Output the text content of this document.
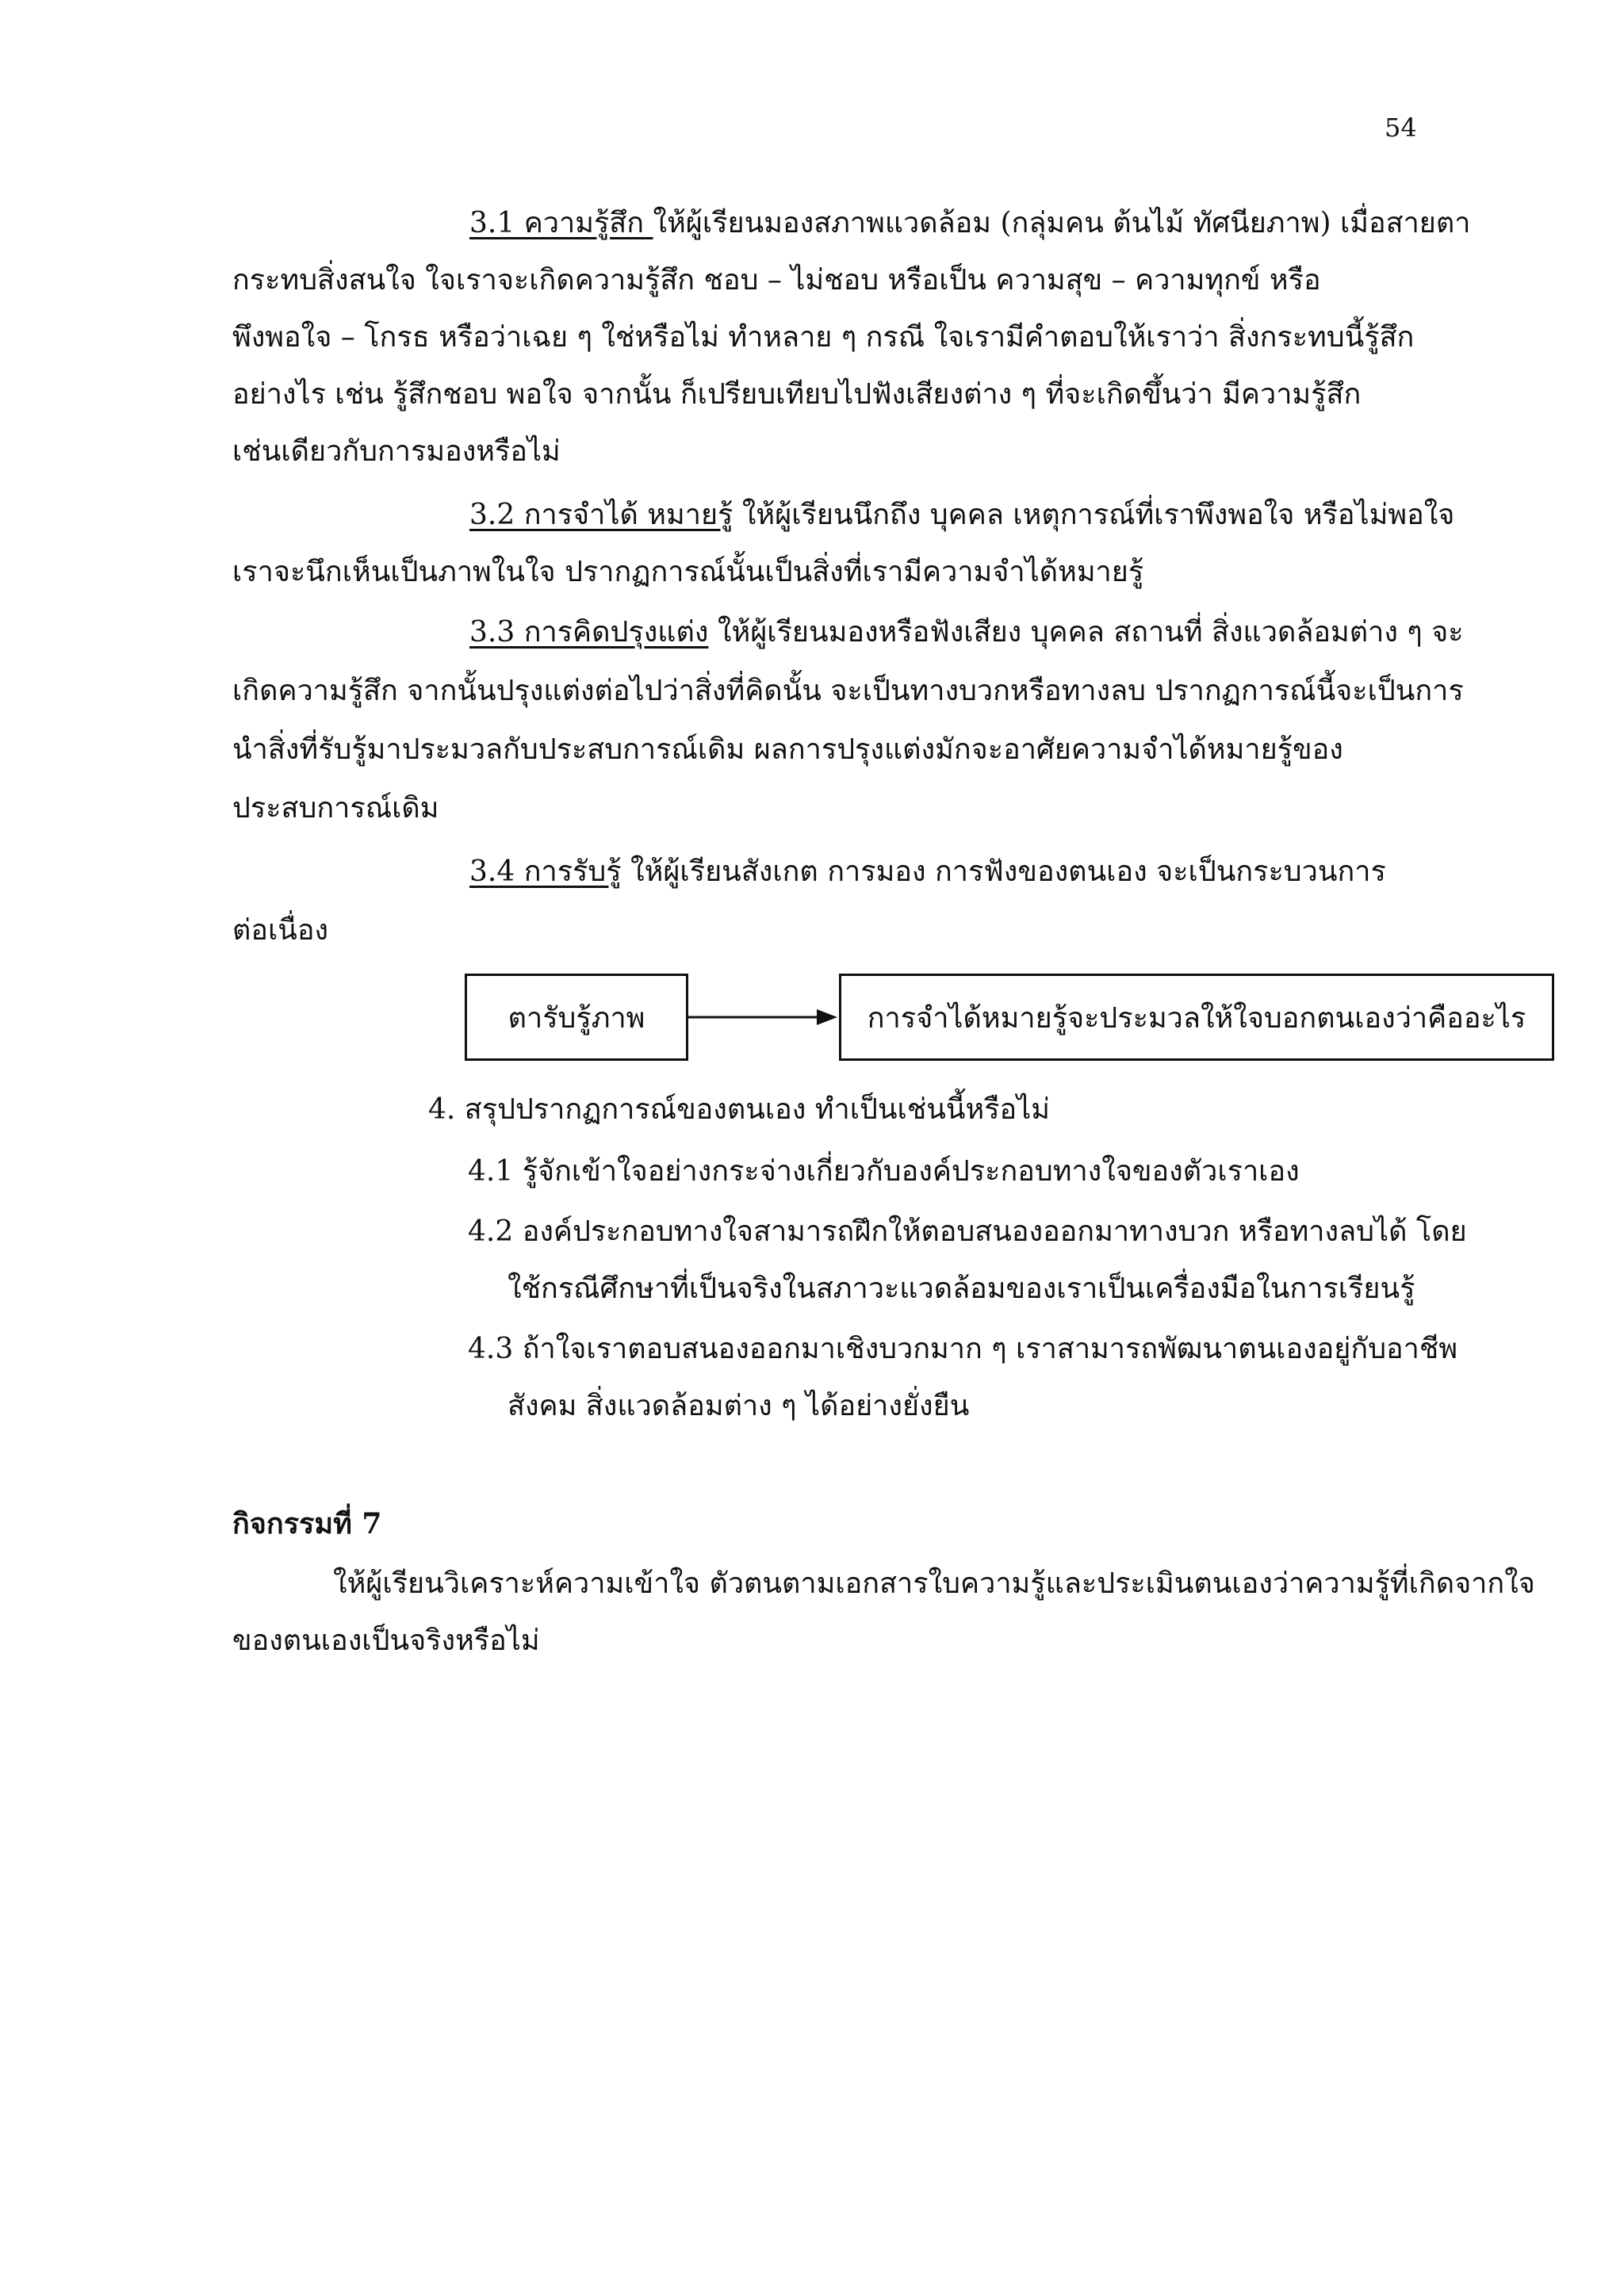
54
3.1 ความรู้สึก ให้ผู้เรียนมองสภาพแวดล้อม (กลุ่มคน ต้นไม้ ทัศนียภาพ) เมื่อสายตา
กระทบสิ่งสนใจ ใจเราจะเกิดความรู้สึก ชอบ – ไม่ชอบ หรือเป็น ความสุข – ความทุกข์ หรือ
พึงพอใจ – โกรธ หรือว่าเฉย ๆ ใช่หรือไม่ ทำหลาย ๆ กรณี ใจเรามีคำตอบให้เราว่า สิ่งกระทบนี้รู้สึก
อย่างไร เช่น รู้สึกชอบ พอใจ จากนั้น ก็เปรียบเทียบไปฟังเสียงต่าง ๆ ที่จะเกิดขึ้นว่า มีความรู้สึก
เช่นเดียวกับการมองหรือไม่
3.2 การจำได้ หมายรู้ ให้ผู้เรียนนึกถึง บุคคล เหตุการณ์ที่เราพึงพอใจ หรือไม่พอใจ
เราจะนึกเห็นเป็นภาพในใจ ปรากฏการณ์นั้นเป็นสิ่งที่เรามีความจำได้หมายรู้
3.3 การคิดปรุงแต่ง ให้ผู้เรียนมองหรือฟังเสียง บุคคล สถานที่ สิ่งแวดล้อมต่าง ๆ จะ
เกิดความรู้สึก จากนั้นปรุงแต่งต่อไปว่าสิ่งที่คิดนั้น จะเป็นทางบวกหรือทางลบ ปรากฏการณ์นี้จะเป็นการ
นำสิ่งที่รับรู้มาประมวลกับประสบการณ์เดิม ผลการปรุงแต่งมักจะอาศัยความจำได้หมายรู้ของ
ประสบการณ์เดิม
3.4 การรับรู้ ให้ผู้เรียนสังเกต การมอง การฟังของตนเอง จะเป็นกระบวนการ
ต่อเนื่อง
ตารับรู้ภาพ	การจำได้หมายรู้จะประมวลให้ใจบอกตนเองว่าคืออะไร
4. สรุปปรากฏการณ์ของตนเอง ทำเป็นเช่นนี้หรือไม่
4.1 รู้จักเข้าใจอย่างกระจ่างเกี่ยวกับองค์ประกอบทางใจของตัวเราเอง
4.2 องค์ประกอบทางใจสามารถฝึกให้ตอบสนองออกมาทางบวก หรือทางลบได้ โดย
ใช้กรณีศึกษาที่เป็นจริงในสภาวะแวดล้อมของเราเป็นเครื่องมือในการเรียนรู้
4.3 ถ้าใจเราตอบสนองออกมาเชิงบวกมาก ๆ เราสามารถพัฒนาตนเองอยู่กับอาชีพ
สังคม สิ่งแวดล้อมต่าง ๆ ได้อย่างยั่งยืน
กิจกรรมที่ 7
ให้ผู้เรียนวิเคราะห์ความเข้าใจ ตัวตนตามเอกสารใบความรู้และประเมินตนเองว่าความรู้ที่เกิดจากใจ
ของตนเองเป็นจริงหรือไม่
